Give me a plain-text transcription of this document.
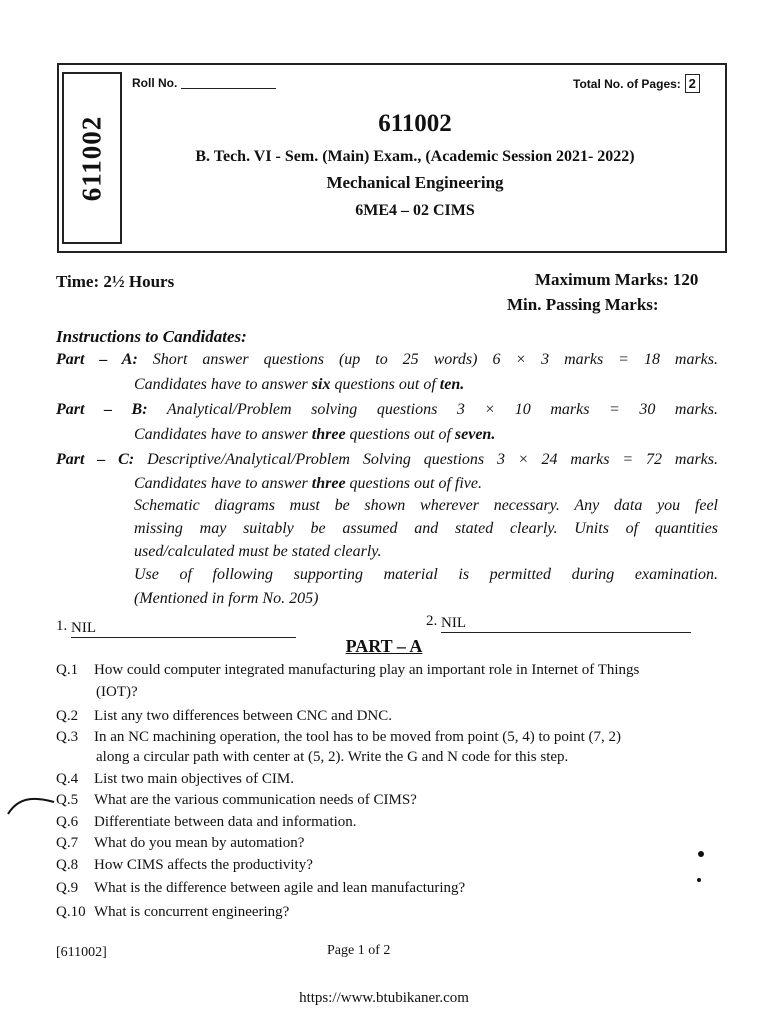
611002
Roll No.	Total No. of Pages: 2
611002
B. Tech. VI - Sem. (Main) Exam., (Academic Session 2021- 2022)
Mechanical Engineering
6ME4 – 02 CIMS
Time: 2½ Hours	Maximum Marks: 120
Min. Passing Marks:
Instructions to Candidates:
Part – A: Short answer questions (up to 25 words) 6 × 3 marks = 18 marks.
Candidates have to answer six questions out of ten.
Part – B: Analytical/Problem solving questions 3 × 10 marks = 30 marks.
Candidates have to answer three questions out of seven.
Part – C: Descriptive/Analytical/Problem Solving questions 3 × 24 marks = 72 marks.
Candidates have to answer three questions out of five.
Schematic diagrams must be shown wherever necessary. Any data you feel
missing may suitably be assumed and stated clearly. Units of quantities
used/calculated must be stated clearly.
Use of following supporting material is permitted during examination.
(Mentioned in form No. 205)
1. NIL	2. NIL
PART – A
Q.1 How could computer integrated manufacturing play an important role in Internet of Things
(IOT)?
Q.2 List any two differences between CNC and DNC.
Q.3 In an NC machining operation, the tool has to be moved from point (5, 4) to point (7, 2)
along a circular path with center at (5, 2). Write the G and N code for this step.
Q.4 List two main objectives of CIM.
Q.5 What are the various communication needs of CIMS?
Q.6 Differentiate between data and information.
Q.7 What do you mean by automation?
Q.8 How CIMS affects the productivity?
Q.9 What is the difference between agile and lean manufacturing?
Q.10 What is concurrent engineering?
[611002]	Page 1 of 2
https://www.btubikaner.com
